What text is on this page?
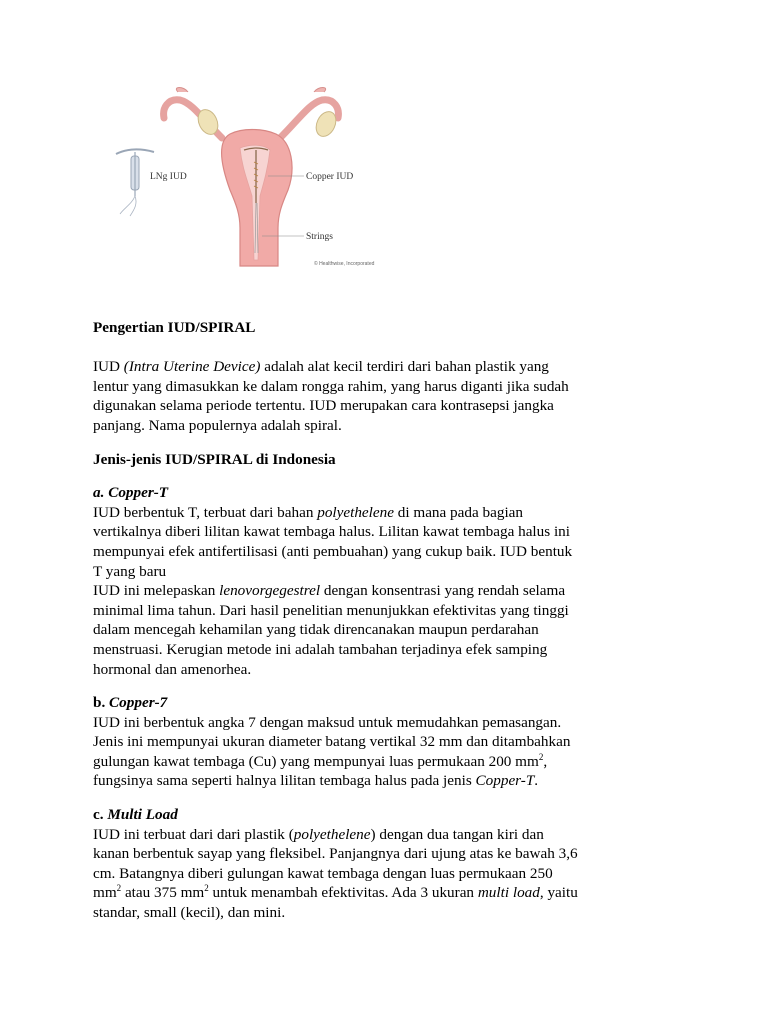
LNg IUD	Copper IUD
Strings
© Healthwise, Incorporated

Pengertian IUD/SPIRAL

IUD (Intra Uterine Device) adalah alat kecil terdiri dari bahan plastik yang

lentur yang dimasukkan ke dalam rongga rahim, yang harus diganti jika sudah

digunakan selama periode tertentu. IUD merupakan cara kontrasepsi jangka

panjang. Nama populernya adalah spiral.

Jenis-jenis IUD/SPIRAL di Indonesia

a. Copper-T

IUD berbentuk T, terbuat dari bahan polyethelene di mana pada bagian

vertikalnya diberi lilitan kawat tembaga halus. Lilitan kawat tembaga halus ini

mempunyai efek antifertilisasi (anti pembuahan) yang cukup baik. IUD bentuk

T yang baru

IUD ini melepaskan lenovorgegestrel dengan konsentrasi yang rendah selama

minimal lima tahun. Dari hasil penelitian menunjukkan efektivitas yang tinggi

dalam mencegah kehamilan yang tidak direncanakan maupun perdarahan

menstruasi. Kerugian metode ini adalah tambahan terjadinya efek samping

hormonal dan amenorhea.

b. Copper-7

IUD ini berbentuk angka 7 dengan maksud untuk memudahkan pemasangan.

Jenis ini mempunyai ukuran diameter batang vertikal 32 mm dan ditambahkan

gulungan kawat tembaga (Cu) yang mempunyai luas permukaan 200 $mm^2$,

fungsinya sama seperti halnya lilitan tembaga halus pada jenis Copper-T.

c. Multi Load

IUD ini terbuat dari dari plastik (polyethelene) dengan dua tangan kiri dan

kanan berbentuk sayap yang fleksibel. Panjangnya dari ujung atas ke bawah 3,6

cm. Batangnya diberi gulungan kawat tembaga dengan luas permukaan 250

$mm^2$ atau 375 $mm^2$ untuk menambah efektivitas. Ada 3 ukuran multi load, yaitu

standar, small (kecil), dan mini.
